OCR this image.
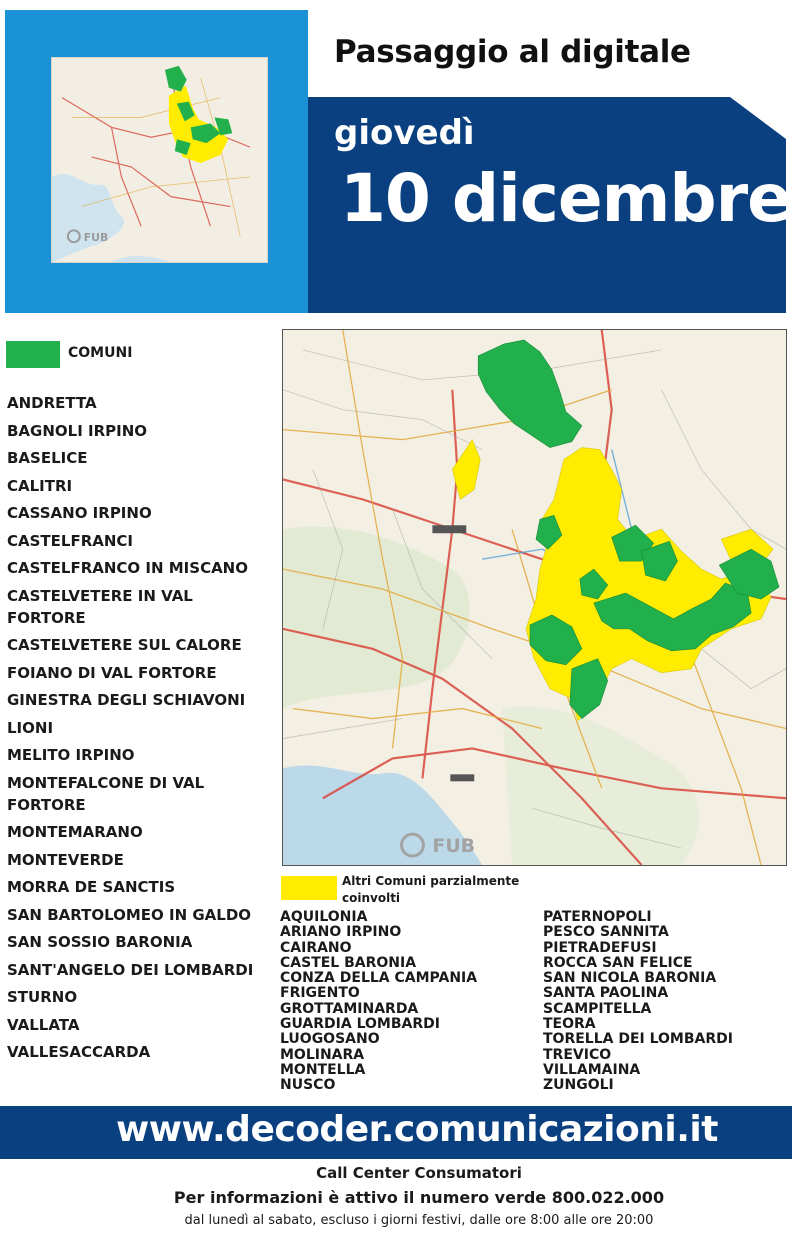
FUB
Passaggio al digitale
giovedì
10 dicembre
COMUNI
ANDRETTA
BAGNOLI IRPINO
BASELICE
CALITRI
CASSANO IRPINO
CASTELFRANCI
CASTELFRANCO IN MISCANO
CASTELVETERE IN VAL FORTORE
CASTELVETERE SUL CALORE
FOIANO DI VAL FORTORE
GINESTRA DEGLI SCHIAVONI
LIONI
MELITO IRPINO
MONTEFALCONE DI VAL FORTORE
MONTEMARANO
MONTEVERDE
MORRA DE SANCTIS
SAN BARTOLOMEO IN GALDO
SAN SOSSIO BARONIA
SANT'ANGELO DEI LOMBARDI
STURNO
VALLATA
VALLESACCARDA
FUB
Altri Comuni parzialmente coinvolti
AQUILONIA
ARIANO IRPINO
CAIRANO
CASTEL BARONIA
CONZA DELLA CAMPANIA
FRIGENTO
GROTTAMINARDA
GUARDIA LOMBARDI
LUOGOSANO
MOLINARA
MONTELLA
NUSCO
PATERNOPOLI
PESCO SANNITA
PIETRADEFUSI
ROCCA SAN FELICE
SAN NICOLA BARONIA
SANTA PAOLINA
SCAMPITELLA
TEORA
TORELLA DEI LOMBARDI
TREVICO
VILLAMAINA
ZUNGOLI
www.decoder.comunicazioni.it
Call Center Consumatori
Per informazioni è attivo il numero verde 800.022.000
dal lunedì al sabato, escluso i giorni festivi, dalle ore 8:00 alle ore 20:00
